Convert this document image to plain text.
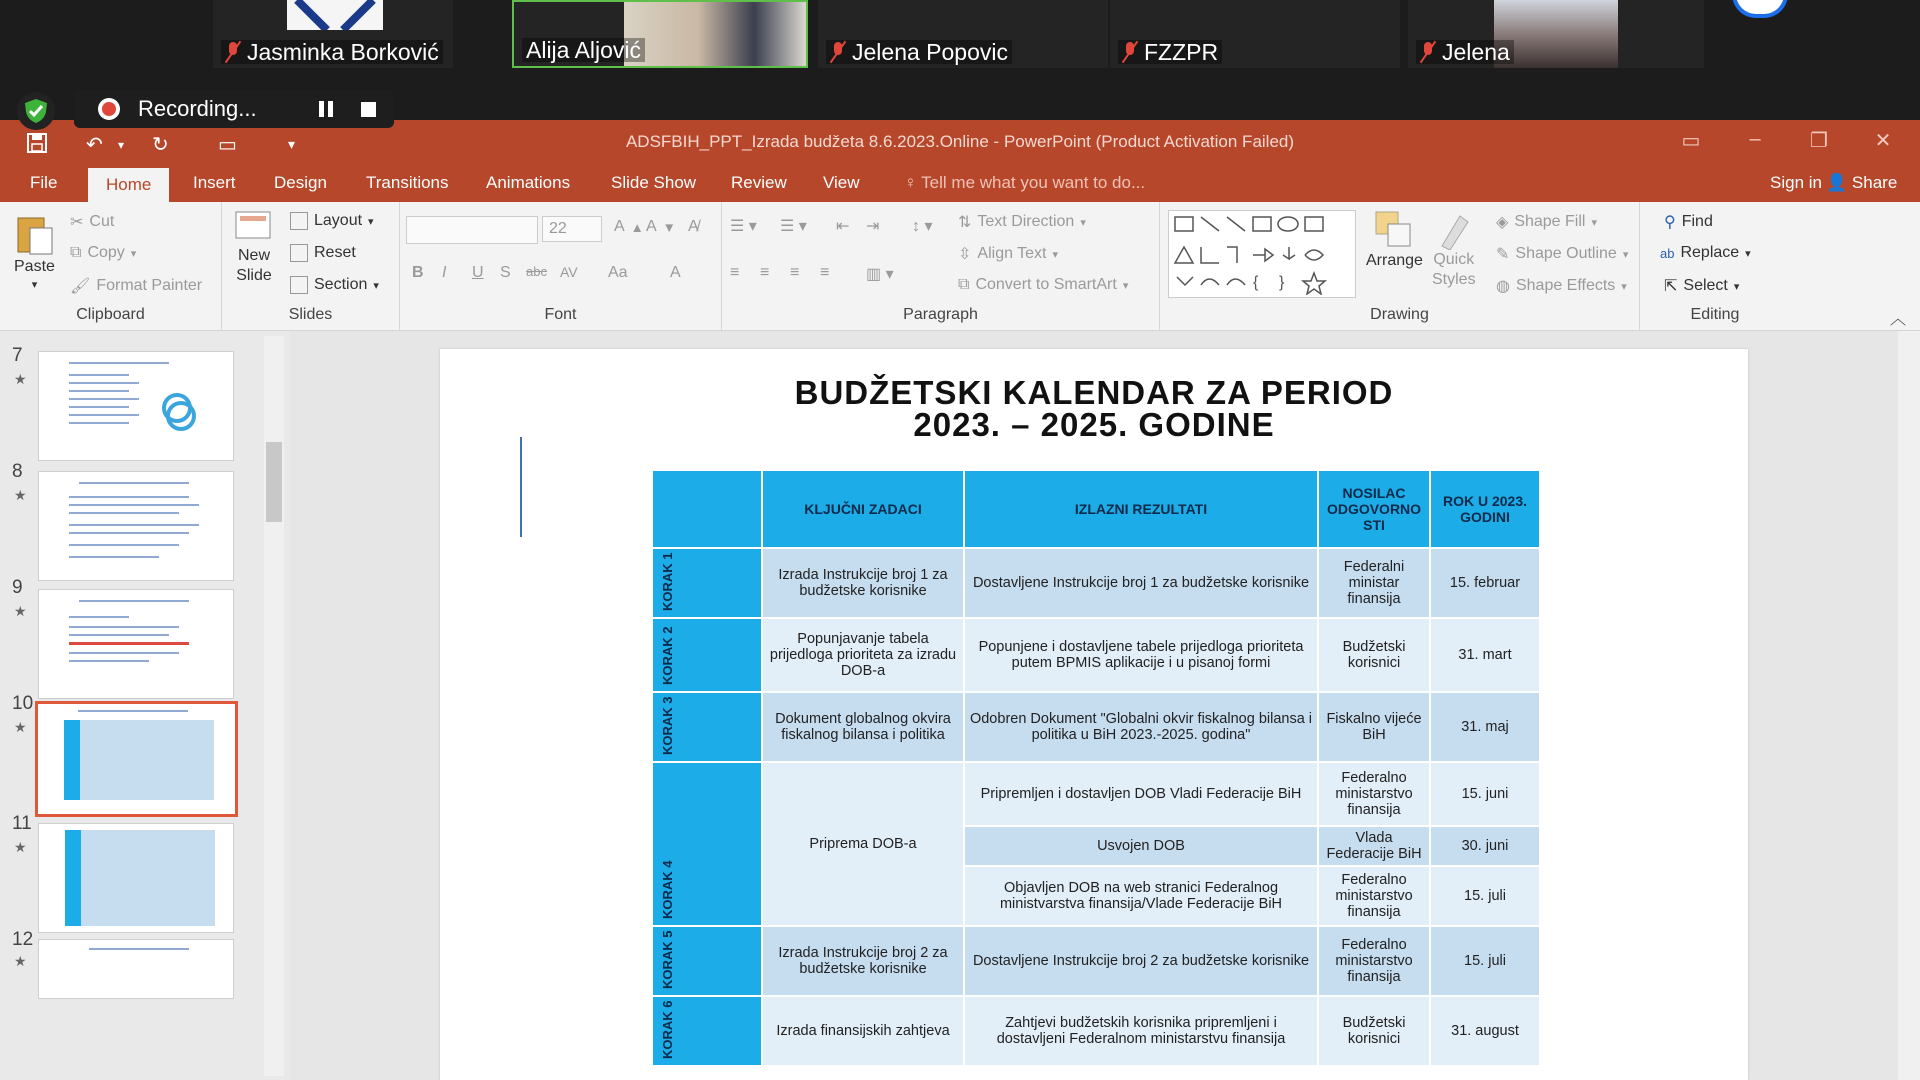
Jasminka Borković	Alija Aljović	Jelena Popovic	FZZPR	Jelena
Recording...
ADSFBIH_PPT_Izrada budžeta 8.6.2023.Online - PowerPoint (Product Activation Failed)
↶ ▾ ↻ ▭	▾	▭	–	❐	✕
File	Home	Insert	Design	Transitions	Animations	Slide Show	Review	View	♀ Tell me what you want to do...	Sign in 👤 Share
Paste
▾
✂ Cut
⧉ Copy ▾
🖌 Format Painter
Clipboard
New
Slide
Layout ▾
Reset
Section ▾
Slides
22	A ▲ A ▼ A̸
B I U S abc AV Aa	A
Font
☰ ▾ ☰ ▾ ⇤ ⇥ ↕ ▾ ⇅ Text Direction ▾
⇳ Align Text ▾
⧉ Convert to SmartArt ▾
≡ ≡ ≡ ≡ ▥ ▾
Paragraph
{ }
Arrange Quick
Styles
◈ Shape Fill ▾
✎ Shape Outline ▾
◍ Shape Effects ▾
Drawing
⚲ Find
ab Replace ▾
⇱ Select ▾
Editing	︿
7
★
8
★
9
★
10
★
11
★
12
★
BUDŽETSKI KALENDAR ZA PERIOD
2023. – 2025. GODINE
	KLJUČNI ZADACI	IZLAZNI REZULTATI	NOSILAC ODGOVORNO STI	ROK U 2023. GODINI

KORAK 1	Izrada Instrukcije broj 1 za budžetske korisnike	Dostavljene Instrukcije broj 1 za budžetske korisnike	Federalni ministar finansija	15. februar

KORAK 2	Popunjavanje tabela prijedloga prioriteta za izradu DOB-a	Popunjene i dostavljene tabele prijedloga prioriteta putem BPMIS aplikacije i u pisanoj formi	Budžetski korisnici	31. mart

KORAK 3	Dokument globalnog okvira fiskalnog bilansa i politika	Odobren Dokument "Globalni okvir fiskalnog bilansa i politika u BiH 2023.-2025. godina"	Fiskalno vijeće BiH	31. maj

KORAK 4	Priprema DOB-a	Pripremljen i dostavljen DOB Vladi Federacije BiH	Federalno ministarstvo finansija	15. juni
		Usvojen DOB	Vlada Federacije BiH	30. juni
		Objavljen DOB na web stranici Federalnog ministvarstva finansija/Vlade Federacije BiH	Federalno ministarstvo finansija	15. juli

KORAK 5	Izrada Instrukcije broj 2 za budžetske korisnike	Dostavljene Instrukcije broj 2 za budžetske korisnike	Federalno ministarstvo finansija	15. juli

KORAK 6	Izrada finansijskih zahtjeva	Zahtjevi budžetskih korisnika pripremljeni i dostavljeni Federalnom ministarstvu finansija	Budžetski korisnici	31. august
